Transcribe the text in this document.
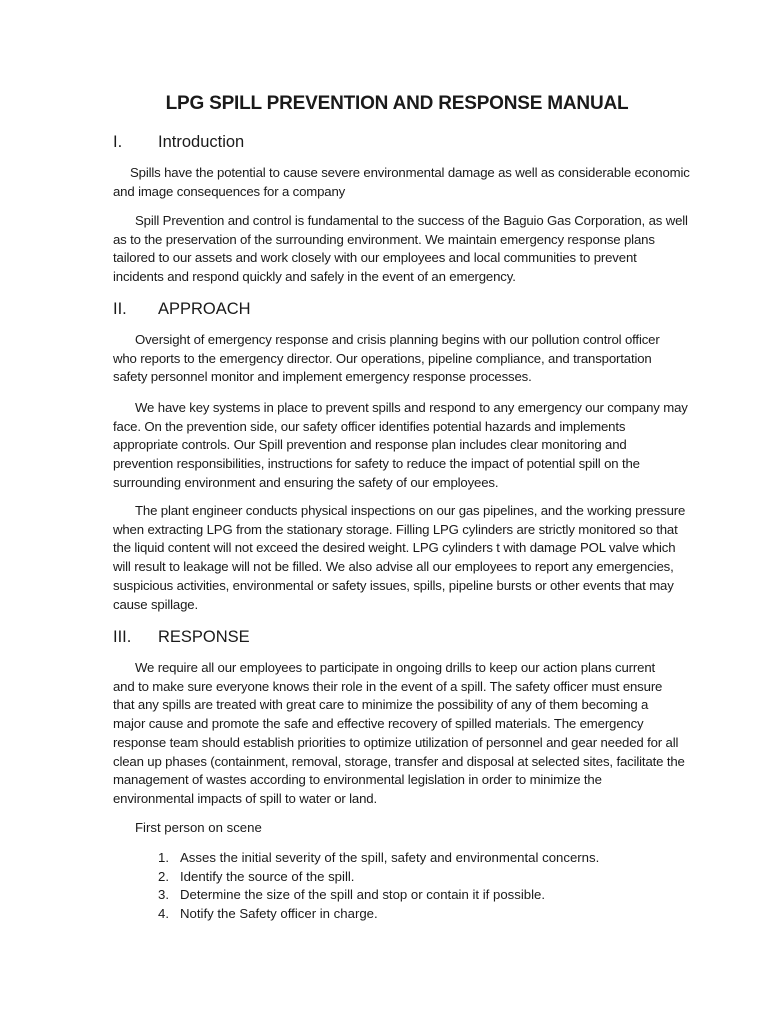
LPG SPILL PREVENTION AND RESPONSE MANUAL
I. Introduction

Spills have the potential to cause severe environmental damage as well as considerable economic
and image consequences for a company

Spill Prevention and control is fundamental to the success of the Baguio Gas Corporation, as well
as to the preservation of the surrounding environment. We maintain emergency response plans
tailored to our assets and work closely with our employees and local communities to prevent
incidents and respond quickly and safely in the event of an emergency.

II. APPROACH

Oversight of emergency response and crisis planning begins with our pollution control officer
who reports to the emergency director. Our operations, pipeline compliance, and transportation
safety personnel monitor and implement emergency response processes.

We have key systems in place to prevent spills and respond to any emergency our company may
face. On the prevention side, our safety officer identifies potential hazards and implements
appropriate controls. Our Spill prevention and response plan includes clear monitoring and
prevention responsibilities, instructions for safety to reduce the impact of potential spill on the
surrounding environment and ensuring the safety of our employees.

The plant engineer conducts physical inspections on our gas pipelines, and the working pressure
when extracting LPG from the stationary storage. Filling LPG cylinders are strictly monitored so that
the liquid content will not exceed the desired weight. LPG cylinders t with damage POL valve which
will result to leakage will not be filled. We also advise all our employees to report any emergencies,
suspicious activities, environmental or safety issues, spills, pipeline bursts or other events that may
cause spillage.

III. RESPONSE

We require all our employees to participate in ongoing drills to keep our action plans current
and to make sure everyone knows their role in the event of a spill. The safety officer must ensure
that any spills are treated with great care to minimize the possibility of any of them becoming a
major cause and promote the safe and effective recovery of spilled materials. The emergency
response team should establish priorities to optimize utilization of personnel and gear needed for all
clean up phases (containment, removal, storage, transfer and disposal at selected sites, facilitate the
management of wastes according to environmental legislation in order to minimize the
environmental impacts of spill to water or land.

First person on scene

1. Asses the initial severity of the spill, safety and environmental concerns.
2. Identify the source of the spill.
3. Determine the size of the spill and stop or contain it if possible.
4. Notify the Safety officer in charge.
